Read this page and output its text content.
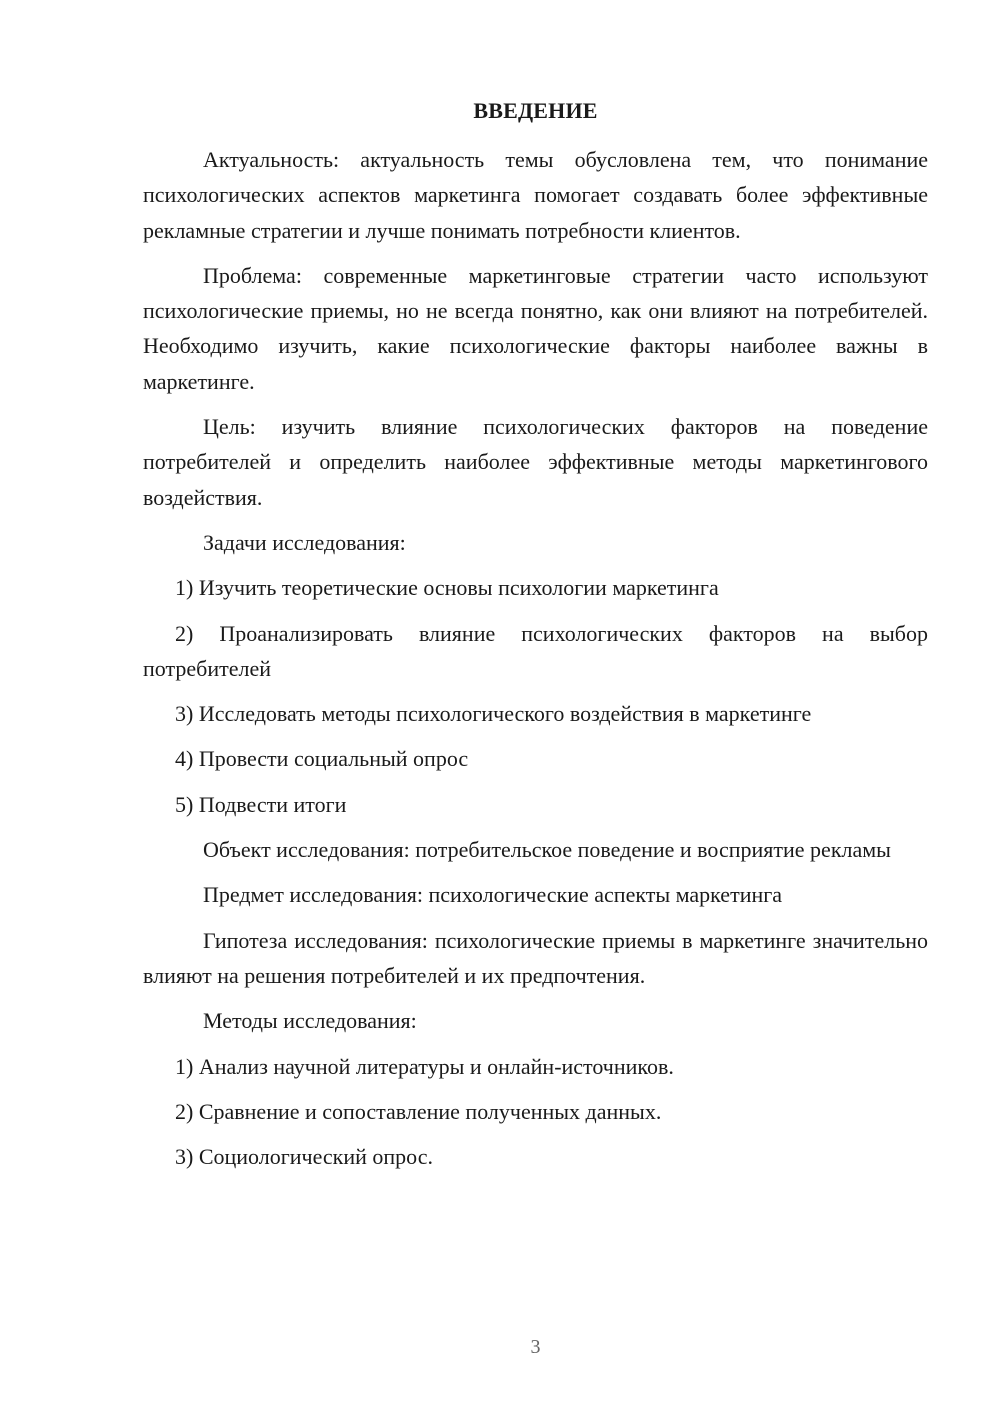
ВВЕДЕНИЕ

Актуальность: актуальность темы обусловлена тем, что понимание психологических аспектов маркетинга помогает создавать более эффективные рекламные стратегии и лучше понимать потребности клиентов.

Проблема: современные маркетинговые стратегии часто используют психологические приемы, но не всегда понятно, как они влияют на потребителей. Необходимо изучить, какие психологические факторы наиболее важны в маркетинге.

Цель: изучить влияние психологических факторов на поведение потребителей и определить наиболее эффективные методы маркетингового воздействия.

Задачи исследования:

1) Изучить теоретические основы психологии маркетинга

2) Проанализировать влияние психологических факторов на выбор потребителей

3) Исследовать методы психологического воздействия в маркетинге

4) Провести социальный опрос

5) Подвести итоги

Объект исследования: потребительское поведение и восприятие рекламы

Предмет исследования: психологические аспекты маркетинга

Гипотеза исследования: психологические приемы в маркетинге значительно влияют на решения потребителей и их предпочтения.

Методы исследования:

1) Анализ научной литературы и онлайн-источников.

2) Сравнение и сопоставление полученных данных.

3) Социологический опрос.

3
